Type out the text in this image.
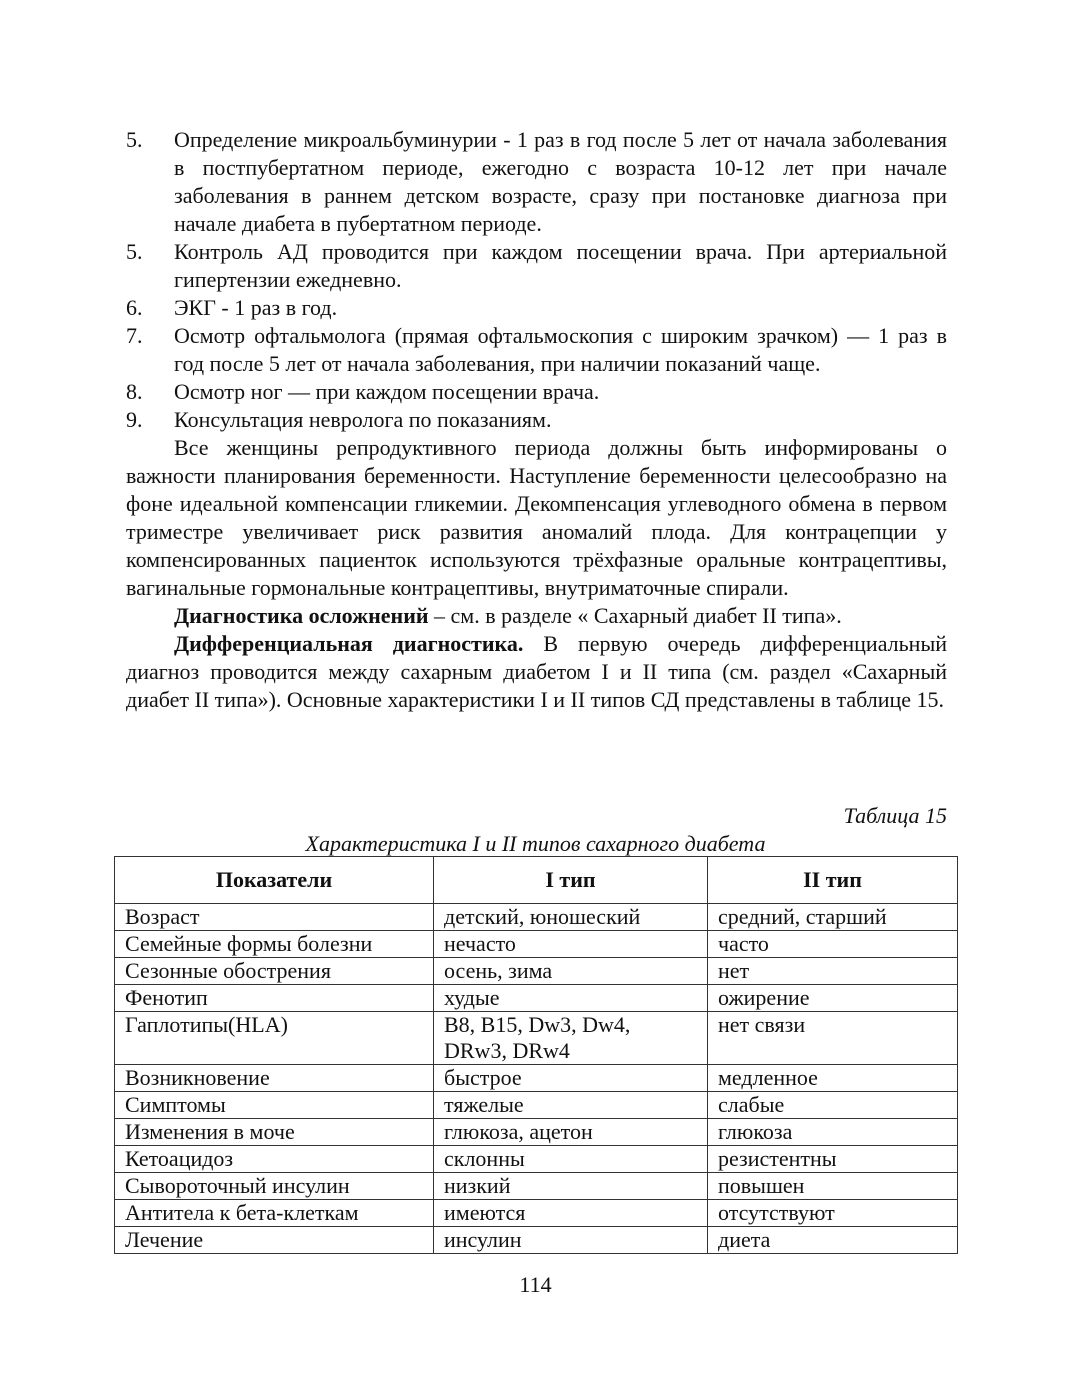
5.	Определение микроальбуминурии - 1 раз в год после 5 лет от начала заболевания в постпубертатном периоде, ежегодно с возраста 10-12 лет при начале заболевания в раннем детском возрасте, сразу при постановке диагноза при начале диабета в пубертатном периоде.
5.	Контроль АД проводится при каждом посещении врача. При артериальной гипертензии ежедневно.
6.	ЭКГ - 1 раз в год.
7.	Осмотр офтальмолога (прямая офтальмоскопия с широким зрачком) — 1 раз в год после 5 лет от начала заболевания, при наличии показаний чаще.
8.	Осмотр ног — при каждом посещении врача.
9.	Консультация невролога по показаниям.

Все женщины репродуктивного периода должны быть информированы о важности планирования беременности. Наступление беременности целесообразно на фоне идеальной компенсации гликемии. Декомпенсация углеводного обмена в первом триместре увеличивает риск развития аномалий плода. Для контрацепции у компенсированных пациенток используются трёхфазные оральные контрацептивы, вагинальные гормональные контрацептивы, внутриматочные спирали.

Диагностика осложнений – см. в разделе « Сахарный диабет II типа».

Дифференциальная диагностика. В первую очередь дифференциальный диагноз проводится между сахарным диабетом I и II типа (см. раздел «Сахарный диабет II типа»). Основные характеристики I и II типов СД представлены в таблице 15.

Таблица 15
Характеристика I и II типов сахарного диабета
Показатели	I тип	II тип
Возраст	детский, юношеский	средний, старший
Семейные формы болезни	нечасто	часто
Сезонные обострения	осень, зима	нет
Фенотип	худые	ожирение
Гаплотипы(HLA)	B8, B15, Dw3, Dw4, DRw3, DRw4	нет связи
Возникновение	быстрое	медленное
Симптомы	тяжелые	слабые
Изменения в моче	глюкоза, ацетон	глюкоза
Кетоацидоз	склонны	резистентны
Сывороточный инсулин	низкий	повышен
Антитела к бета-клеткам	имеются	отсутствуют
Лечение	инсулин	диета
114
